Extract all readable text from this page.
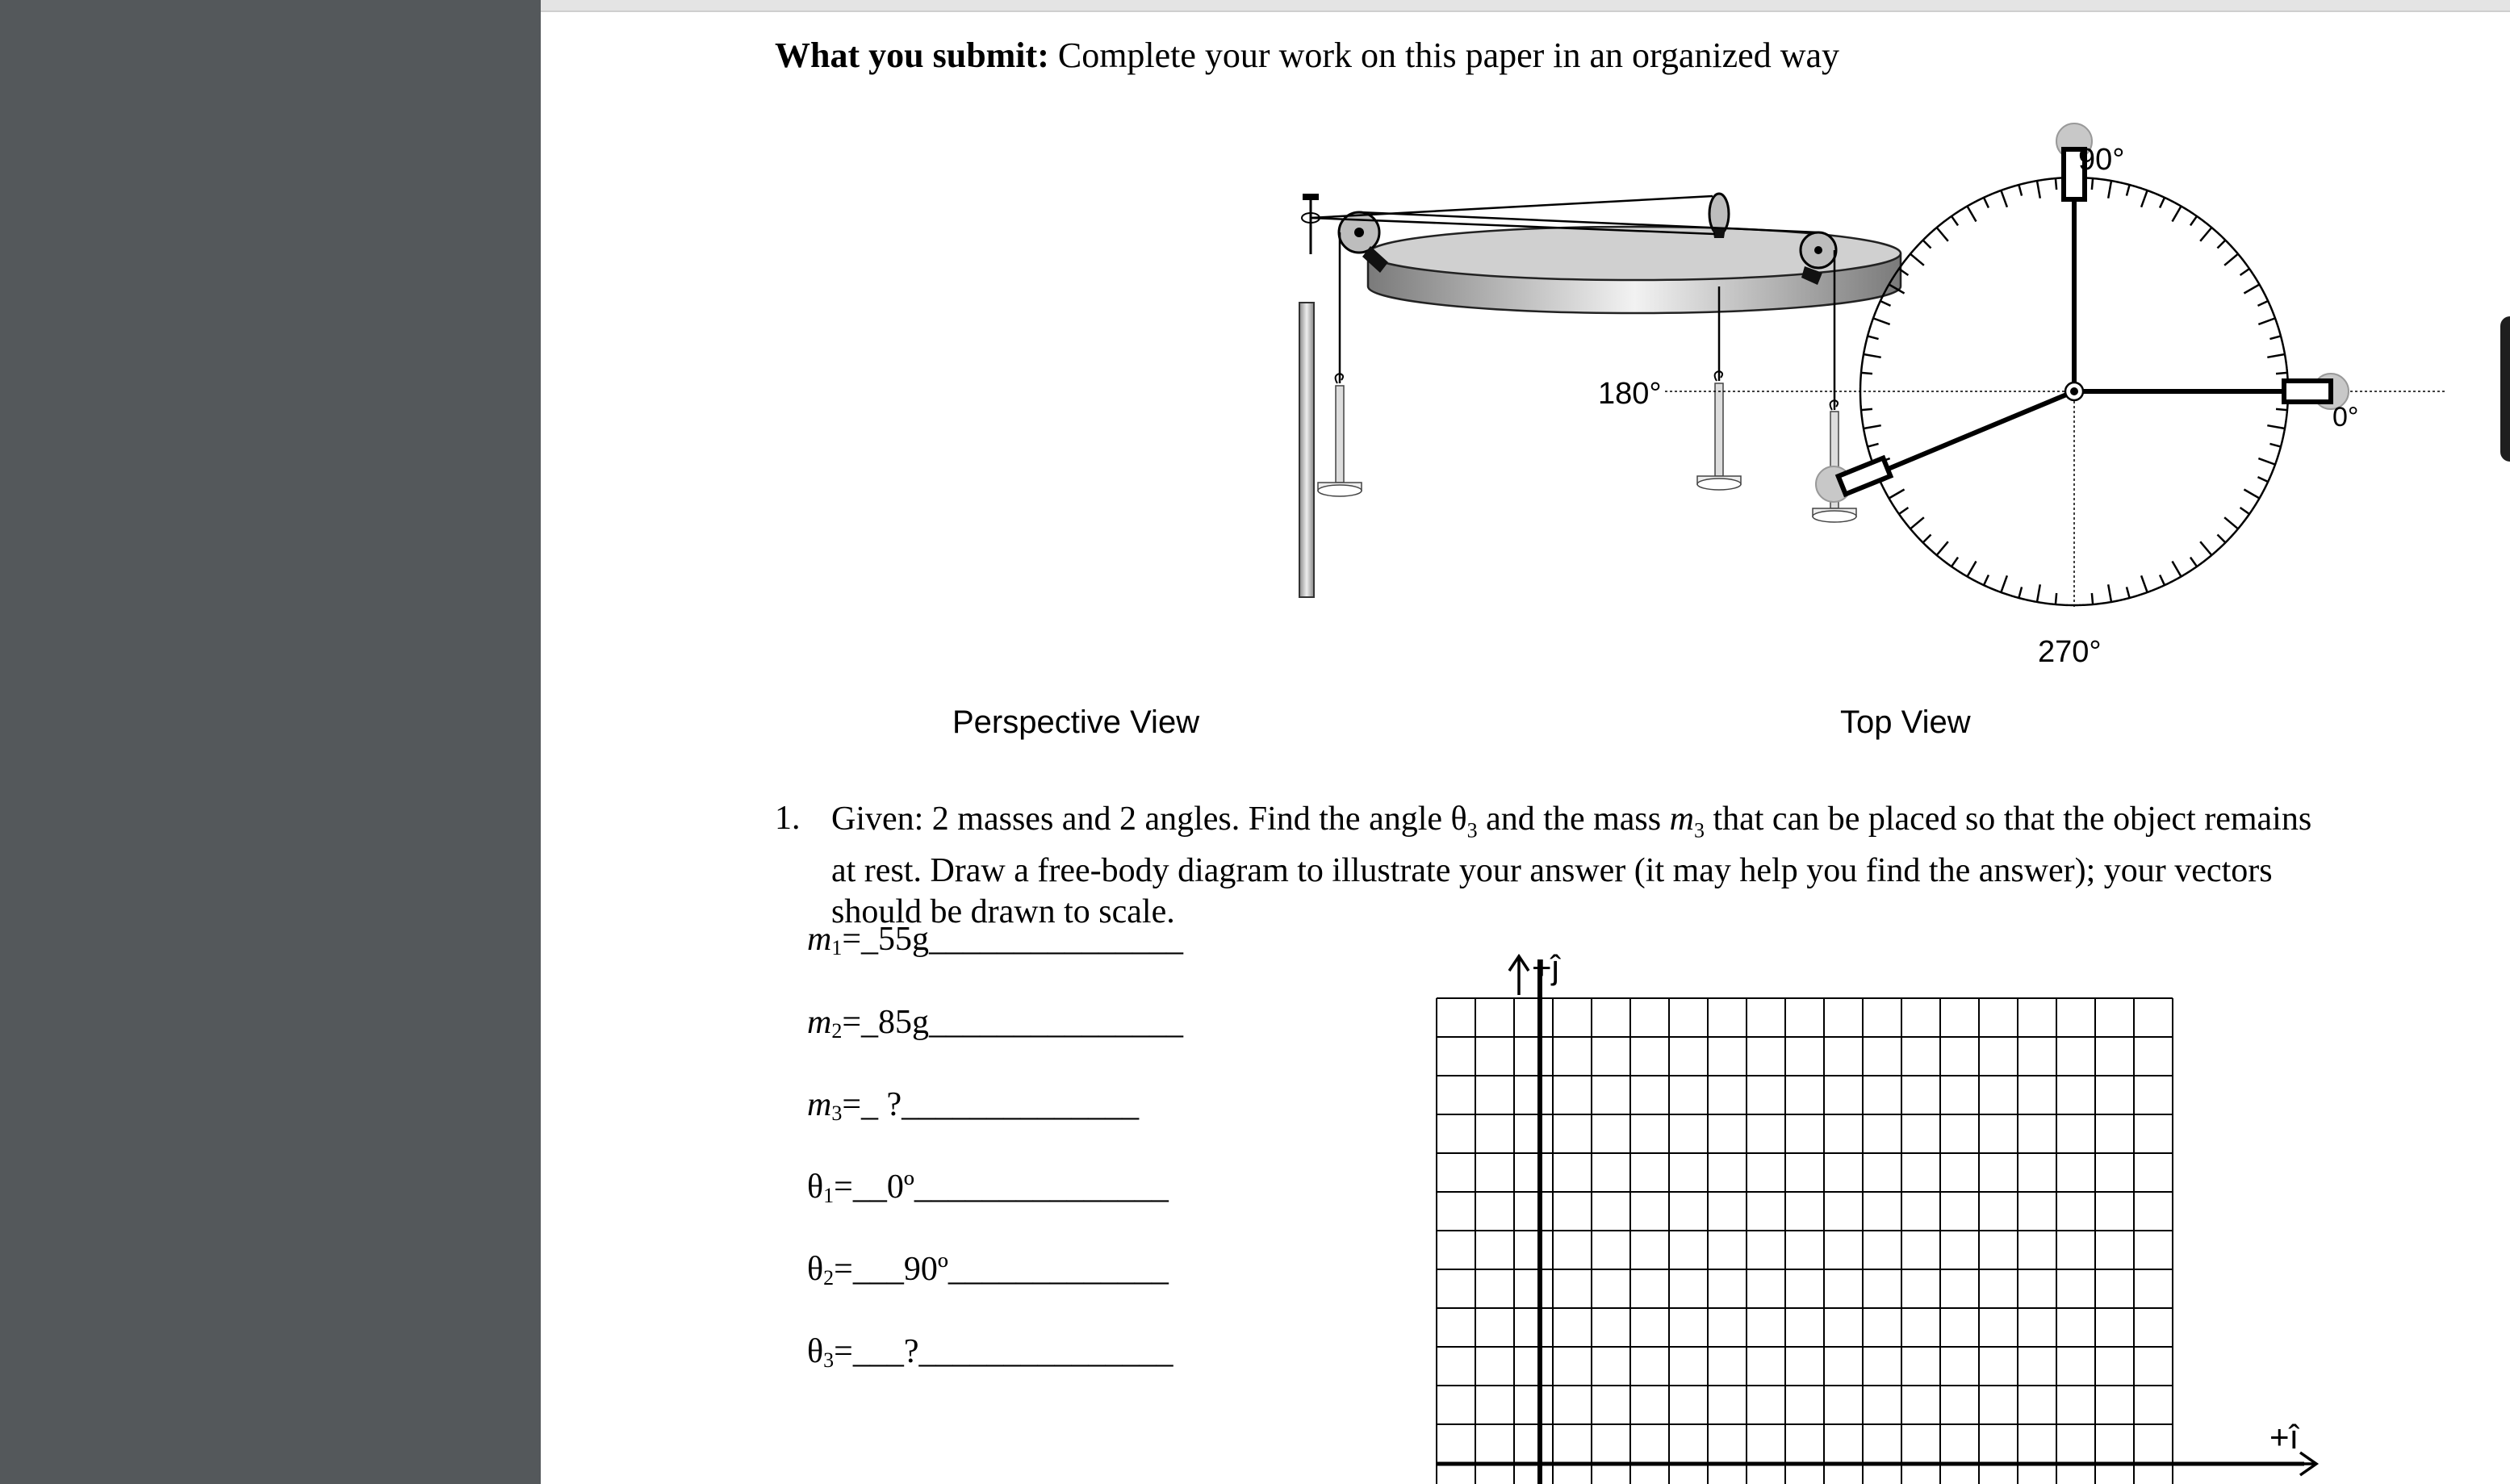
What you submit: Complete your work on this paper in an organized way
90°
180°
270°
0°
Perspective View	Top View
1. Given: 2 masses and 2 angles. Find the angle $\theta_3$ and the mass $m_3$ that can be placed so that the object remains at rest. Draw a free-body diagram to illustrate your answer (it may help you find the answer); your vectors should be drawn to scale.
$m_1=\_55g\_\_\_\_\_\_\_\_\_\_\_\_\_\_\_$
$m_2=\_85g\_\_\_\_\_\_\_\_\_\_\_\_\_\_\_$
$m_3=\_$ ?______________
$\theta_1=\_\_0º\_\_\_\_\_\_\_\_\_\_\_\_\_\_\_$
$\theta_2=\_\_\_90º\_\_\_\_\_\_\_\_\_\_\_\_\_$
$\theta_3=\_\_\_?\_\_\_\_\_\_\_\_\_\_\_\_\_\_\_$
+ĵ
+î
